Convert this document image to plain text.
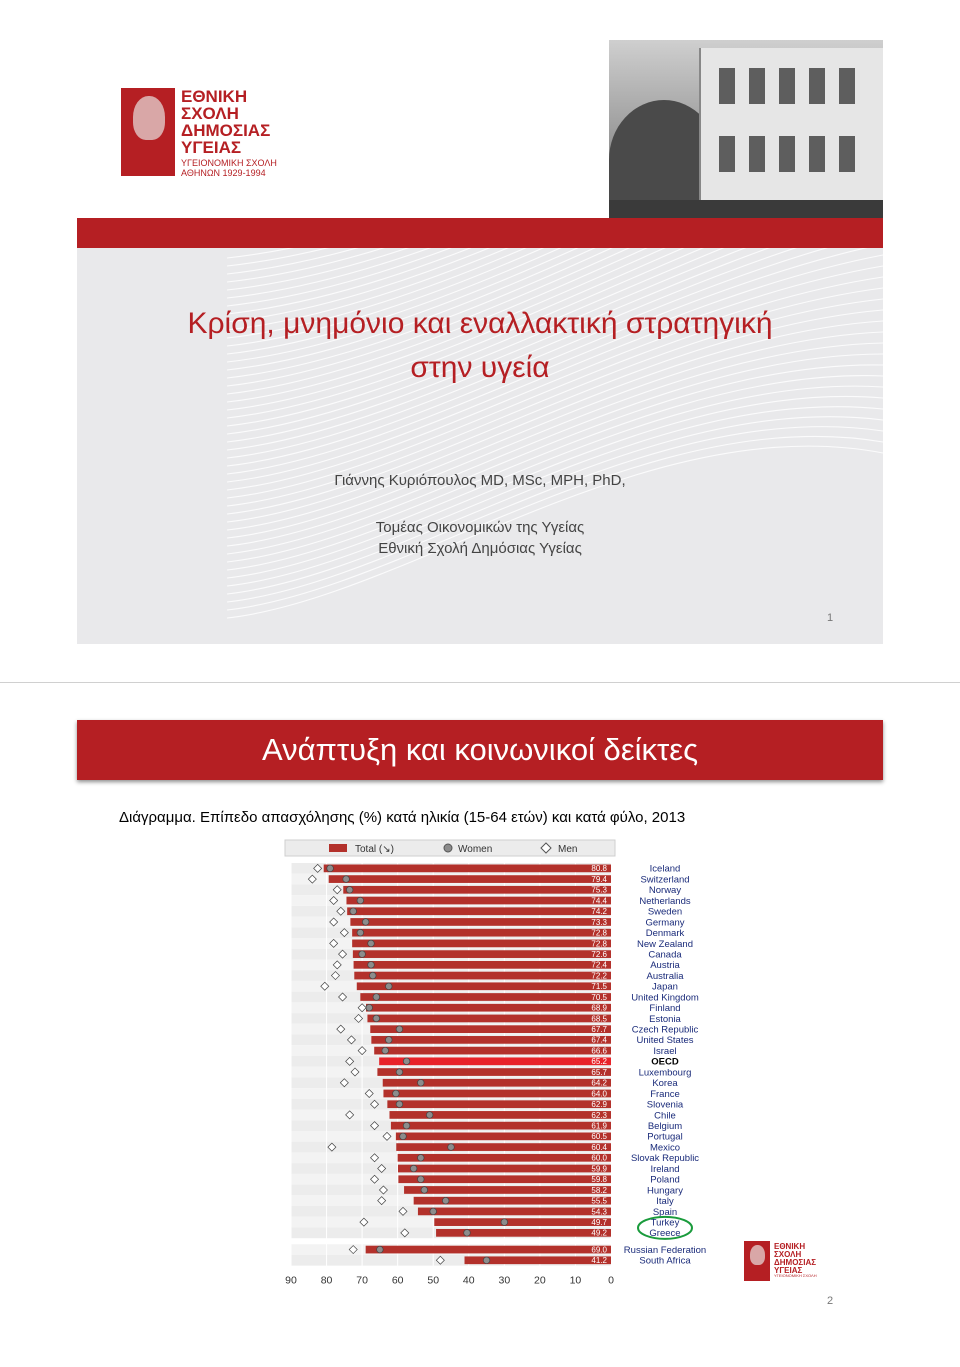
ΕΘΝΙΚΗ
ΣΧΟΛΗ
ΔΗΜΟΣΙΑΣ
ΥΓΕΙΑΣ
ΥΓΕΙΟΝΟΜΙΚΗ ΣΧΟΛΗ
ΑΘΗΝΩΝ 1929-1994
Κρίση, μνημόνιο και εναλλακτική στρατηγική
στην υγεία
Γιάννης Κυριόπουλος MD, MSc, MPH, PhD,
Τομέας Οικονομικών της Υγείας
Εθνική Σχολή Δημόσιας Υγείας
1
Ανάπτυξη και κοινωνικοί δείκτες
Διάγραμμα. Επίπεδο απασχόλησης (%) κατά ηλικία (15-64 ετών) και κατά φύλο, 2013
2
Total (↘)	Women	Men
80.8	Iceland
79.4	Switzerland
75.3	Norway
74.4	Netherlands
74.2	Sweden
73.3	Germany
72.8	Denmark
72.8	New Zealand
72.6	Canada
72.4	Austria
72.2	Australia
71.5	Japan
70.5	United Kingdom
68.9	Finland
68.5	Estonia
67.7	Czech Republic
67.4	United States
66.6	Israel
65.2	OECD
65.7	Luxembourg
64.2	Korea
64.0	France
62.9	Slovenia
62.3	Chile
61.9	Belgium
60.5	Portugal
60.4	Mexico
60.0	Slovak Republic
59.9	Ireland
59.8	Poland
58.2	Hungary
55.5	Italy
54.3	Spain
49.7	Turkey
49.2	Greece
69.0 Russian Federation
41.2	South Africa
90 80 70 60 50 40 30 20 10	0
ΕΘΝΙΚΗ
ΣΧΟΛΗ
ΔΗΜΟΣΙΑΣ
ΥΓΕΙΑΣ
ΥΓΕΙΟΝΟΜΙΚΗ ΣΧΟΛΗ
